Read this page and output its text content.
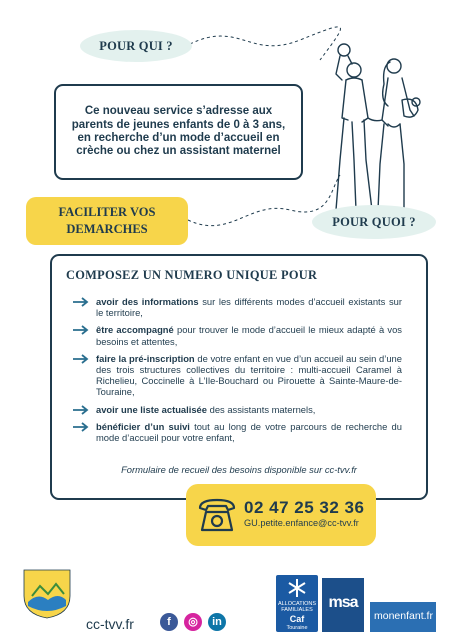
POUR QUI ?
Ce nouveau service s’adresse aux parents de jeunes enfants de 0 à 3 ans, en recherche d’un mode d’accueil en crèche ou chez un assistant maternel
FACILITER VOS
DEMARCHES
POUR QUOI ?
COMPOSEZ UN NUMERO UNIQUE POUR
avoir des informations sur les différents modes d’accueil existants sur le territoire,
être accompagné pour trouver le mode d’accueil le mieux adapté à vos besoins et attentes,
faire la pré-inscription de votre enfant en vue d’un accueil au sein d’une des trois structures collectives du territoire : multi-accueil Caramel à Richelieu, Coccinelle à L’Ile-Bouchard ou Pirouette à Sainte-Maure-de-Touraine,
avoir une liste actualisée des assistants maternels,
bénéficier d’un suivi tout au long de votre parcours de recherche du mode d’accueil pour votre enfant,
Formulaire de recueil des besoins disponible sur cc-tvv.fr
02 47 25 32 36
GU.petite.enfance@cc-tvv.fr
cc-tvv.fr	f	◎	in
ALLOCATIONS
FAMILIALES
Caf
Touraine
msa
monenfant.fr
